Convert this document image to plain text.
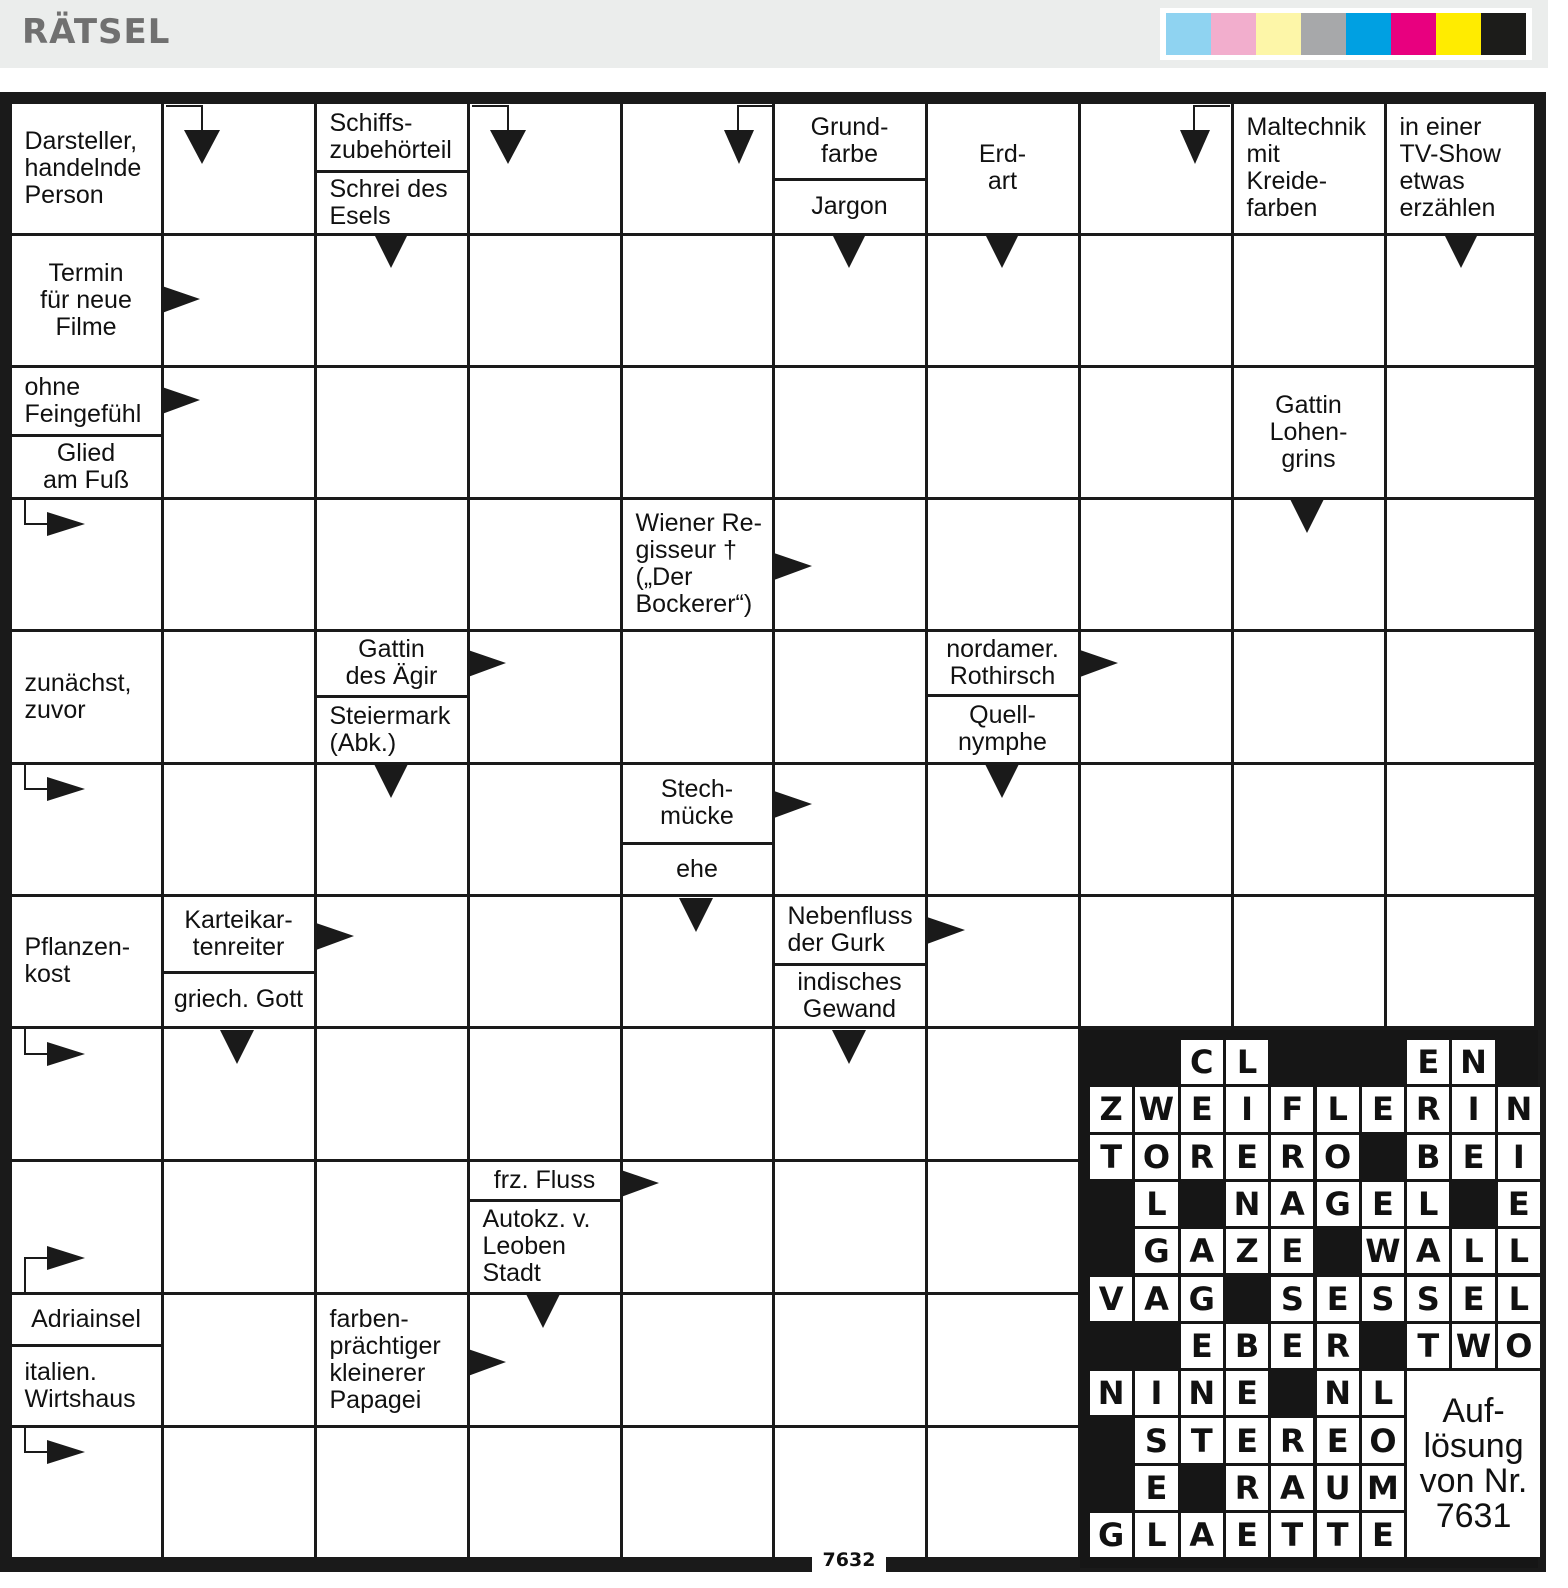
RÄTSEL
Darsteller,
handelnde
Person
Schiffs-
zubehörteil
Schrei des
Esels
Grund-
farbe
Jargon
Erd-
art
Maltechnik
mit
Kreide-
farben
in einer
TV-Show
etwas
erzählen
Termin
für neue
Filme
ohne
Feingefühl
Glied
am Fuß
Gattin
Lohen-
grins
Wiener Re-
gisseur †
(„Der
Bockerer“)
zunächst,
zuvor
Gattin
des Ägir
Steiermark
(Abk.)
nordamer.
Rothirsch
Quell-
nymphe
Stech-
mücke
ehe
Pflanzen-
kost
Karteikar-
tenreiter
griech. Gott
Nebenfluss
der Gurk
indisches
Gewand
frz. Fluss
Autokz. v.
Leoben
Stadt
Adriainsel
italien.
Wirtshaus
farben-
prächtiger
kleinerer
Papagei
C L	E N
Z W E I F L E R I N
T O R E R O B E I
L	N A G E L	E
G A Z E	W A L L
V A G	S E S S E L
E B E R	T W O
N I N E	N L
S T E R E O
E	R A U M
G L A E T T E
Auf-
lösung
von Nr.
7631
7632
